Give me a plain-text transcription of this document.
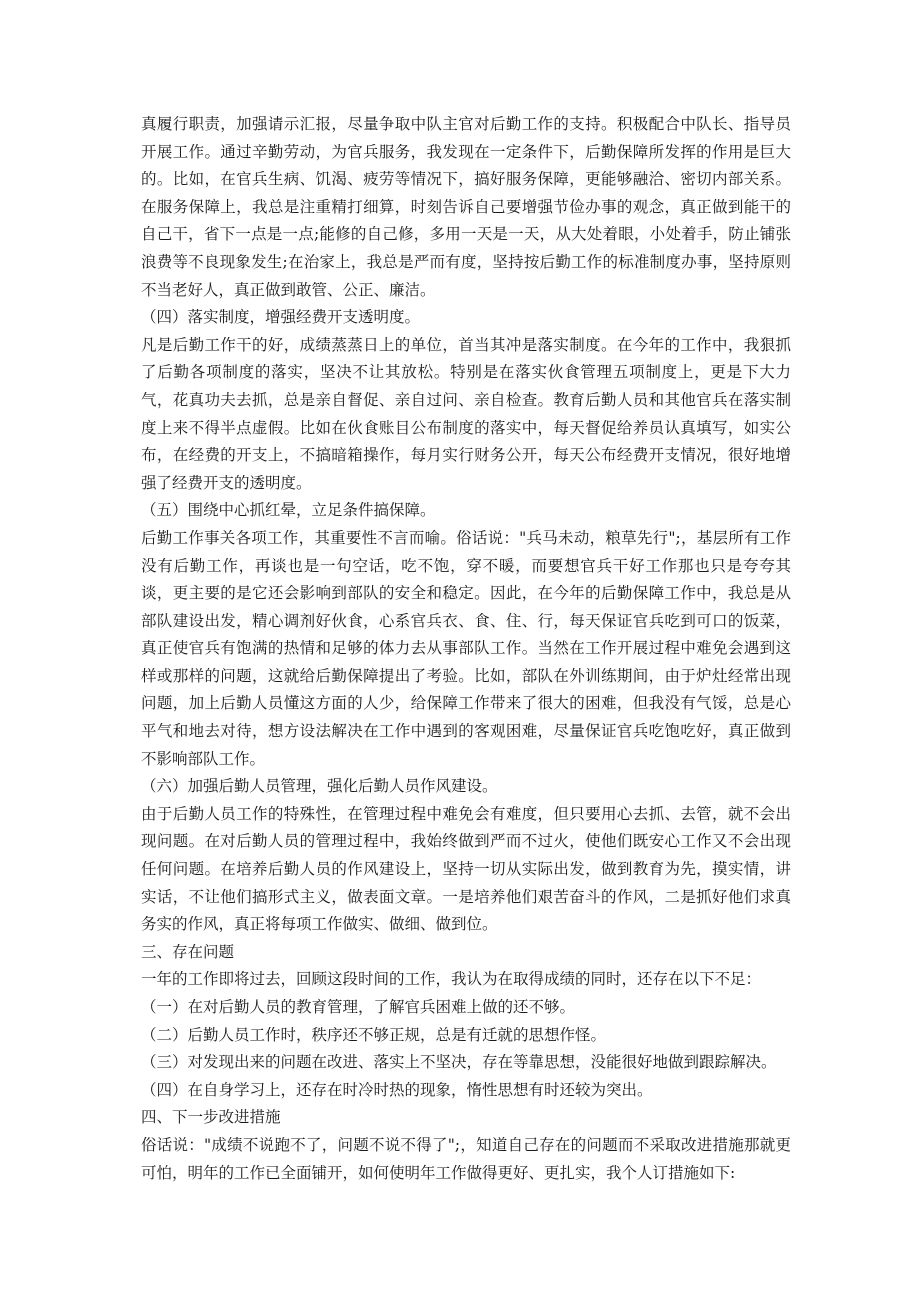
真履行职责，加强请示汇报，尽量争取中队主官对后勤工作的支持。积极配合中队长、指导员开展工作。通过辛勤劳动，为官兵服务，我发现在一定条件下，后勤保障所发挥的作用是巨大的。比如，在官兵生病、饥渴、疲劳等情况下，搞好服务保障，更能够融洽、密切内部关系。在服务保障上，我总是注重精打细算，时刻告诉自己要增强节俭办事的观念，真正做到能干的自己干，省下一点是一点;能修的自己修，多用一天是一天，从大处着眼，小处着手，防止铺张浪费等不良现象发生;在治家上，我总是严而有度，坚持按后勤工作的标准制度办事，坚持原则不当老好人，真正做到敢管、公正、廉洁。

（四）落实制度，增强经费开支透明度。

凡是后勤工作干的好，成绩蒸蒸日上的单位，首当其冲是落实制度。在今年的工作中，我狠抓了后勤各项制度的落实，坚决不让其放松。特别是在落实伙食管理五项制度上，更是下大力气，花真功夫去抓，总是亲自督促、亲自过问、亲自检查。教育后勤人员和其他官兵在落实制度上来不得半点虚假。比如在伙食账目公布制度的落实中，每天督促给养员认真填写，如实公布，在经费的开支上，不搞暗箱操作，每月实行财务公开，每天公布经费开支情况，很好地增强了经费开支的透明度。

（五）围绕中心抓红晕，立足条件搞保障。

后勤工作事关各项工作，其重要性不言而喻。俗话说："兵马未动，粮草先行";，基层所有工作没有后勤工作，再谈也是一句空话，吃不饱，穿不暖，而要想官兵干好工作那也只是夸夸其谈，更主要的是它还会影响到部队的安全和稳定。因此，在今年的后勤保障工作中，我总是从部队建设出发，精心调剂好伙食，心系官兵衣、食、住、行，每天保证官兵吃到可口的饭菜，真正使官兵有饱满的热情和足够的体力去从事部队工作。当然在工作开展过程中难免会遇到这样或那样的问题，这就给后勤保障提出了考验。比如，部队在外训练期间，由于炉灶经常出现问题，加上后勤人员懂这方面的人少，给保障工作带来了很大的困难，但我没有气馁，总是心平气和地去对待，想方设法解决在工作中遇到的客观困难，尽量保证官兵吃饱吃好，真正做到不影响部队工作。

（六）加强后勤人员管理，强化后勤人员作风建设。

由于后勤人员工作的特殊性，在管理过程中难免会有难度，但只要用心去抓、去管，就不会出现问题。在对后勤人员的管理过程中，我始终做到严而不过火，使他们既安心工作又不会出现任何问题。在培养后勤人员的作风建设上，坚持一切从实际出发，做到教育为先，摸实情，讲实话，不让他们搞形式主义，做表面文章。一是培养他们艰苦奋斗的作风，二是抓好他们求真务实的作风，真正将每项工作做实、做细、做到位。

三、存在问题

一年的工作即将过去，回顾这段时间的工作，我认为在取得成绩的同时，还存在以下不足：

（一）在对后勤人员的教育管理，了解官兵困难上做的还不够。

（二）后勤人员工作时，秩序还不够正规，总是有迁就的思想作怪。

（三）对发现出来的问题在改进、落实上不坚决，存在等靠思想，没能很好地做到跟踪解决。

（四）在自身学习上，还存在时冷时热的现象，惰性思想有时还较为突出。

四、下一步改进措施

俗话说："成绩不说跑不了，问题不说不得了";，知道自己存在的问题而不采取改进措施那就更可怕，明年的工作已全面铺开，如何使明年工作做得更好、更扎实，我个人订措施如下:
